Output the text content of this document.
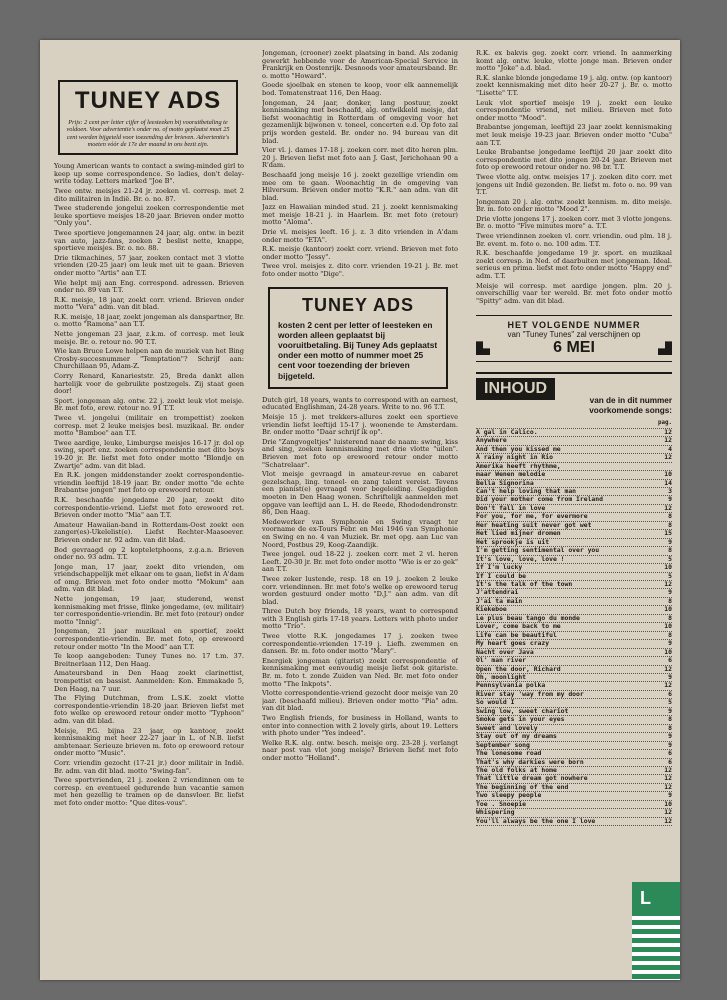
TUNEY ADS
Prijs: 2 cent per letter cijfer of leesteeken bij vooruitbetaling te voldoen. Voor advertentie's onder no. of motto geplaatst moet 25 cent worden bijgeteld voor toezending der brieven. Advertentie's moeten vóór de 17e der maand in ons bezit zijn.

Young American wants to contact a swing-minded girl to keep up some correspondence. So ladies, don't delay-write today. Letters marked "Joe B".

Twee ontw. meisjes 21-24 jr. zoeken vl. corresp. met 2 dito militairen in Indië. Br. o. no. 87.

Twee studerende jongelui zoeken correspondentie met leuke sportieve meisjes 18-20 jaar. Brieven onder motto "Only you".

Twee sportieve jongemannen 24 jaar, alg. ontw. in bezit van auto, jazz-fans, zoeken 2 beslist nette, knappe, sportieve meisjes. Br. o. no. 88.

Drie tikmachines, 57 jaar, zoeken contact met 3 vlotte vrienden (20-25 jaar) om leuk met uit te gaan. Brieven onder motto "Artis" aan T.T.

Wie helpt mij aan Eng. correspond. adressen. Brieven onder no. 89 van T.T.

R.K. meisje, 18 jaar, zoekt corr. vriend. Brieven onder motto "Vera" adm. van dit blad.

R.K. meisje, 18 jaar, zoekt jongeman als danspartner, Br. o. motto "Ramona" aan T.T.

Nette jongeman 23 jaar, z.k.m. of corresp. met leuk meisje. Br. o. retour no. 90 T.T.

Wie kan Bruce Lowe helpen aan de muziek van het Bing Crosby-succesnummer "Temptation"? Schrijf aan: Churchillaan 95, Adam-Z.

Corry Renard, Kanarieststr. 25, Breda dankt allen hartelijk voor de gebruikte postzegels. Zij staat geen door!

Sport. jongeman alg. ontw. 22 j. zoekt leuk vlot meisje. Br. met foto, erew. retour no. 91 T.T.

Twee vl. jongelui (militair en trompettist) zoeken corresp. met 2 leuke meisjes besl. muzikaal. Br. onder motto "Bamboe" aan T.T.

Twee aardige, leuke, Limburgse meisjes 16-17 jr. dol op swing, sport enz. zoeken correspondentie met dito boys 19-20 jr. Br. liefst met foto onder motto "Blondje en Zwartje" adm. van dit blad.

En R.K. jongen middenstander zoekt correspondentie-vriendin leeftijd 18-19 jaar. Br. onder motto "de echte Brabantse jongen" met foto op erewoord retour.

R.K. beschaafde jongedame 20 jaar, zoekt dito correspondentie-vriend. Liefst met foto erewoord ret. Brieven onder motto "Mia" aan T.T.

Amateur Hawaiian-band in Rotterdam-Oost zoekt een zanger(es)-Ukelelist(e). Liefst Rechter-Maasoever. Brieven onder nr. 92 adm. van dit blad.

Bod gevraagd op 2 kopteletphoons, z.g.a.n. Brieven onder no. 93 adm. T.T.

Jonge man, 17 jaar, zoekt dito vrienden, om vriendschappelijk met elkaar om te gaan, liefst in A'dam of omg. Brieven met foto onder motto "Mokum" aan adm. van dit blad.

Nette jongeman, 19 jaar, studerend, wenst kennismaking met frisse, flinke jongedame, (ev. militair) ter correspondentie-vriendin. Br. met foto (retour) onder motto "Innig".

Jongeman, 21 jaar muzikaal en sportief, zoekt correspondentie-vriendin. Br. met foto, op erewoord retour onder motto "In the Mood" aan T.T.

Te koop aangeboden: Tuney Tunes no. 17 t.m. 37. Breitnerlaan 112, Den Haag.

Amateursband in Den Haag zoekt clarinettist, trompettist en bassist. Aanmelden: Kon. Emmakade 5, Den Haag, na 7 uur.

The Flying Dutchman, from L.S.K. zoekt vlotte correspondentie-vriendin 18-20 jaar. Brieven liefst met foto welke op erewoord retour onder motto "Typhoon" adm. van dit blad.

Meisje, P.G. bijna 23 jaar, op kantoor, zoekt kennismaking met heer 22-27 jaar in L. of N.B. liefst ambtenaar. Serieuze brieven m. foto op erewoord retour onder motto "Music".

Corr. vriendin gezocht (17-21 jr.) door militair in Indië. Br. adm. van dit blad. motto "Swing-fan".

Twee sportvrienden, 21 j. zoeken 2 vriendinnen om te corresp. en eventueel gedurende hun vacantie samen met hen gezellig te tramen op de dansvloer. Br. liefst met foto onder motto: "Que dites-vous".

Jongeman, (crooner) zoekt plaatsing in band. Als zodanig gewerkt hebbende voor de American-Special Service in Frankrijk en Oostenrijk. Desnoods voor amateursband. Br. o. motto "Howard".

Goede sjoelbak en stenen te koop, voor elk aannemelijk bod. Tomatenstraat 116, Den Haag.

Jongeman, 24 jaar, donker, lang postuur, zoekt kennismaking met beschaafd, alg. ontwikkeld meisje, dat liefst woonachtig in Rotterdam of omgeving voor het gezamenlijk bijwonen v. toneel, concerten e.d. Op foto zal prijs worden gesteld. Br. onder no. 94 bureau van dit blad.

Vier vl. j. dames 17-18 j. zoeken corr. met dito heren plm. 20 j. Brieven liefst met foto aan J. Gast, Jerichohaan 90 a R'dam.

Beschaafd jong meisje 16 j. zoekt gezellige vriendin om mee om te gaan. Woonachtig in de omgeving van Hilversum. Brieven onder motto "K.R." aan adm. van dit blad.

Jazz en Hawaiian minded stud. 21 j. zoekt kennismaking met meisje 18-21 j. in Haarlem. Br. met foto (retour) motto "Aloma".

Drie vl. meisjes leeft. 16 j. z. 3 dito vrienden in A'dam onder motto "ETA".

R.K. meisje (kantoor) zoekt corr. vriend. Brieven met foto onder motto "Jessy".

Twee vrol. meisjes z. dito corr. vrienden 19-21 j. Br. met foto onder motto "Dige".

TUNEY ADS
kosten 2 cent per letter of leesteken en worden alleen geplaatst bij vooruitbetaling. Bij Tuney Ads geplaatst onder een motto of nummer moet 25 cent voor toezending der brieven bijgeteld.

Dutch girl, 18 years, wants to correspond with an earnest, educated Englishman, 24-28 years. Write to no. 96 T.T.

Meisje 15 j. met trekkers-allures zoekt een sportieve vriendin liefst leeftijd 15-17 j. woonende te Amsterdam. Br. onder motto "Daar schrijf ik op".

Drie "Zangvogeltjes" luisterend naar de naam: swing, kiss and sing, zoeken kennismaking met drie vlotte "uilen". Brieven met foto op erewoord retour onder motto "Schatrelaar".

Vlot meisje gevraagd in amateur-revue en cabaret gezelschap, ling. toneel- en zang talent vereist. Tevens een pianist(e) gevraagd voor begeleiding. Gegadigden moeten in Den Haag wonen. Schriftelijk aanmelden met opgave van leeftijd aan L. H. de Reede, Rhododendronstr. 86, Den Haag.

Medewerker van Symphonie en Swing vraagt ter voorname de ex-Tours Febr. en Mei 1946 van Symphonie en Swing en no. 4 van Muziek. Br. met opg. aan Luc van Noord, Postbus 29, Koog-Zaandijk.

Twee jongel. oud 18-22 j. zoeken corr. met 2 vl. heren Leeft. 20-30 jr. Br. met foto onder motto "Wie is er zo gek" aan T.T.

Twee zeker lustende, resp. 18 en 19 j. zoeken 2 leuke corr. vriendinnen. Br. met foto's welke op erewoord terug worden gestuurd onder motto "D.J." aan adm. van dit blad.

Three Dutch boy friends, 18 years, want to correspond with 3 English girls 17-18 years. Letters with photo under motto "Trio".

Twee vlotte R.K. jongedames 17 j. zoeken twee correspondentie-vrienden 17-19 j. Liefh. zwemmen en dansen. Br. m. foto onder motto "Mary".

Energiek jongeman (gitarist) zoekt correspondentie of kennismaking met eenvoudig meisje liefst ook gitariste. Br. m. foto t. zonde Zuiden van Ned. Br. met foto onder motto "The Inkpots".

Vlotte correspondentie-vriend gezocht door meisje van 20 jaar. (beschaafd milieu). Brieven onder motto "Pia" adm. van dit blad.

Two English friends, for business in Holland, wants to enter into connection with 2 lovely girls, about 19. Letters with photo under "Yes indeed".

Welke R.K. alg. ontw. besch. meisje org. 23-28 j. verlangt naar post van vlot jong meisje? Brieven liefst met foto onder motto "Holland".

R.K. ex bakvis geg. zoekt corr. vriend. In aanmerking komt alg. ontw. leuke, vlotte jonge man. Brieven onder motto "Joke" a.d. blad.

R.K. slanke blonde jongedame 19 j. alg. ontw. (op kantoor) zoekt kennismaking met dito heer 20-27 j. Br. o. motto "Lisette" T.T.

Leuk vlot sportief meisje 19 j. zoekt een leuke correspondentie vriend, net milieu. Brieven met foto onder motto "Mood".

Brabantse jongeman, leeftijd 23 jaar zoekt kennismaking met leuk meisje 19-23 jaar. Brieven onder motto "Cuba" aan T.T.

Leuke Brabantse jongedame leeftijd 20 jaar zoekt dito correspondentie met dito jongen 20-24 jaar. Brieven met foto op erewoord retour onder no. 98 br. T.T.

Twee vlotte alg. ontw. meisjes 17 j. zoeken dito corr. met jongens uit Indië gezonden. Br. liefst m. foto o. no. 99 van T.T.

Jongeman 20 j. alg. ontw. zoekt kennism. m. dito meisje. Br. m. foto onder motto "Mood 2".

Drie vlotte jongens 17 j. zoeken corr. met 3 vlotte jongens. Br. o. motto "Five minutes more" a. T.T.

Twee vriendinnen zoeken vl. corr. vriendin. oud plm. 18 j. Br. event. m. foto o. no. 100 adm. T.T.

R.K. beschaafde jongedame 19 jr. sport. en muzikaal zoekt corresp. in Ned. of daarbuiten met jongeman. Ideal. serieus en prima. liefst met foto onder motto "Happy end" adm. T.T.

Meisje wil corresp. met aardige jongen. plm. 20 j. onverschillig vaar ter wereld. Br. met foto onder motto "Spitty" adm. van dit blad.

HET VOLGENDE NUMMER
van "Tuney Tunes" zal verschijnen op
6 MEI
INHOUD
van de in dit nummer
voorkomende songs:
pag.
A gal in Calico.	12
Anywhere	12
And then you kissed me	4
A rainy night in Rio	12
Amerika heeft rhythme,
maar Wenen melodie	10
Bella Signorina	14
Can't help loving that man	3
Did your mother come from Ireland	9
Don't fall in love	12
For you, for me, for evermore	8
Her heating suit never got wet	8
Het lied mijner dromen	15
Het sprookje is uit	9
I'm getting sentimental over you	8
It's love, love, love !	5
If I'm lucky	10
If I could be	5
It's the talk of the town	12
J'attendrai	9
J'ai ta main	8
Kiekeboe	10
Le plus beau tango du monde	8
Lover, come back to me	10
Life can be beautiful	8
My heart goes crazy	9
Nacht over Java	10
Ol' man river	6
Open the door, Richard	12
Oh, moonlight	9
Pennsylvania polka	12
River stay 'way from my door	6
So would I	5
Swing low, sweet chariot	9
Smoke gets in your eyes	8
Sweet and lovely	8
Stay out of my dreams	9
September song	9
The lonesome road	6
That's why darkies were born	6
The old folks at home	12
That little dream got nowhere	12
The beginning of the end	12
Two sleepy people	9
Toe . Snoepie	10
Whispering	12
You'll always be the one I love	12
L
